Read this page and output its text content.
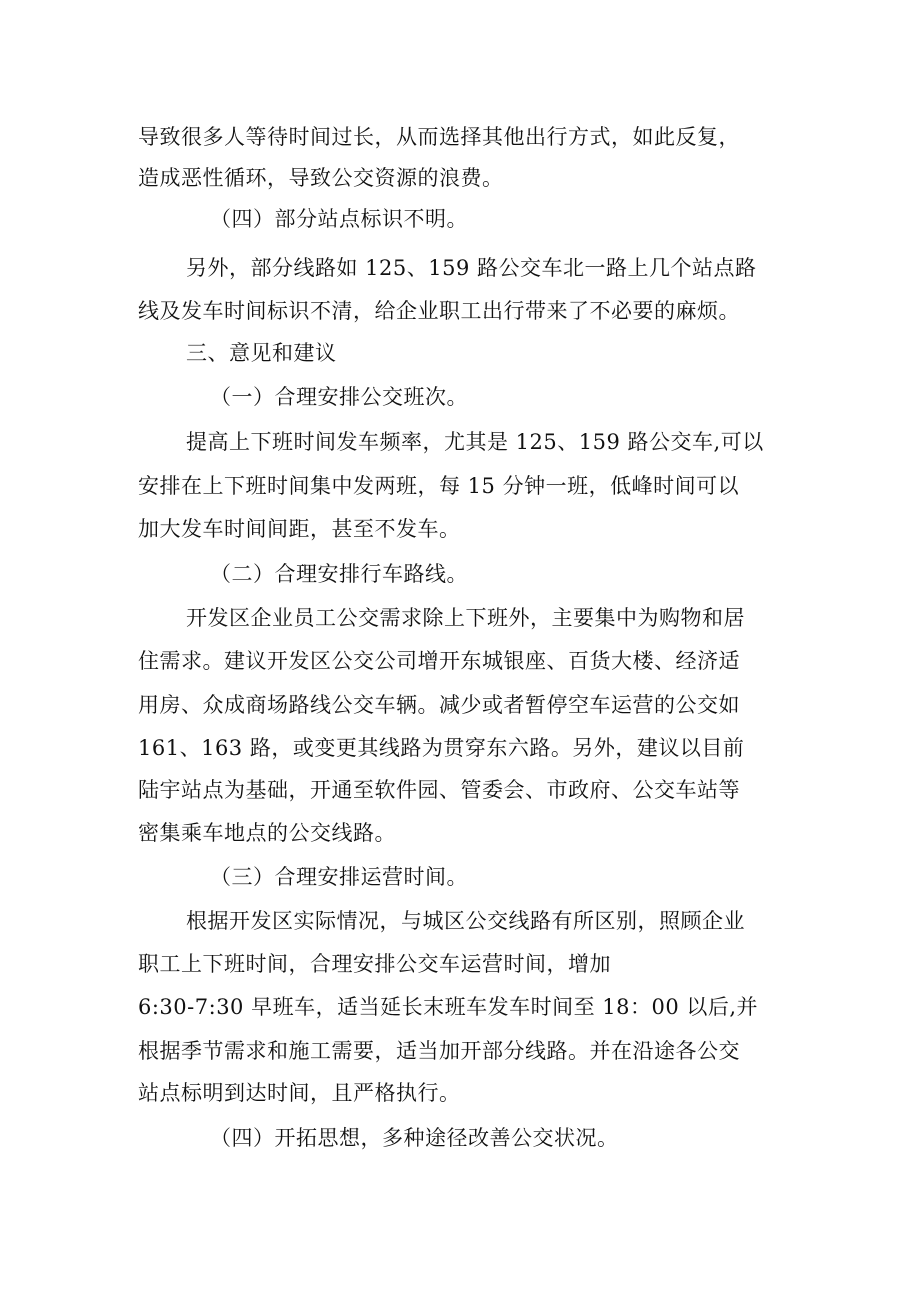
导致很多人等待时间过长，从而选择其他出行方式，如此反复，
造成恶性循环，导致公交资源的浪费。
（四）部分站点标识不明。
另外，部分线路如 125、159 路公交车北一路上几个站点路
线及发车时间标识不清，给企业职工出行带来了不必要的麻烦。
三、意见和建议
（一）合理安排公交班次。
提高上下班时间发车频率，尤其是 125、159 路公交车,可以
安排在上下班时间集中发两班，每 15 分钟一班，低峰时间可以
加大发车时间间距，甚至不发车。
（二）合理安排行车路线。
开发区企业员工公交需求除上下班外，主要集中为购物和居
住需求。建议开发区公交公司增开东城银座、百货大楼、经济适
用房、众成商场路线公交车辆。减少或者暂停空车运营的公交如
161、163 路，或变更其线路为贯穿东六路。另外，建议以目前
陆宇站点为基础，开通至软件园、管委会、市政府、公交车站等
密集乘车地点的公交线路。
（三）合理安排运营时间。
根据开发区实际情况，与城区公交线路有所区别，照顾企业
职工上下班时间，合理安排公交车运营时间，增加
6:30-7:30 早班车，适当延长末班车发车时间至 18：00 以后,并
根据季节需求和施工需要，适当加开部分线路。并在沿途各公交
站点标明到达时间，且严格执行。
（四）开拓思想，多种途径改善公交状况。
